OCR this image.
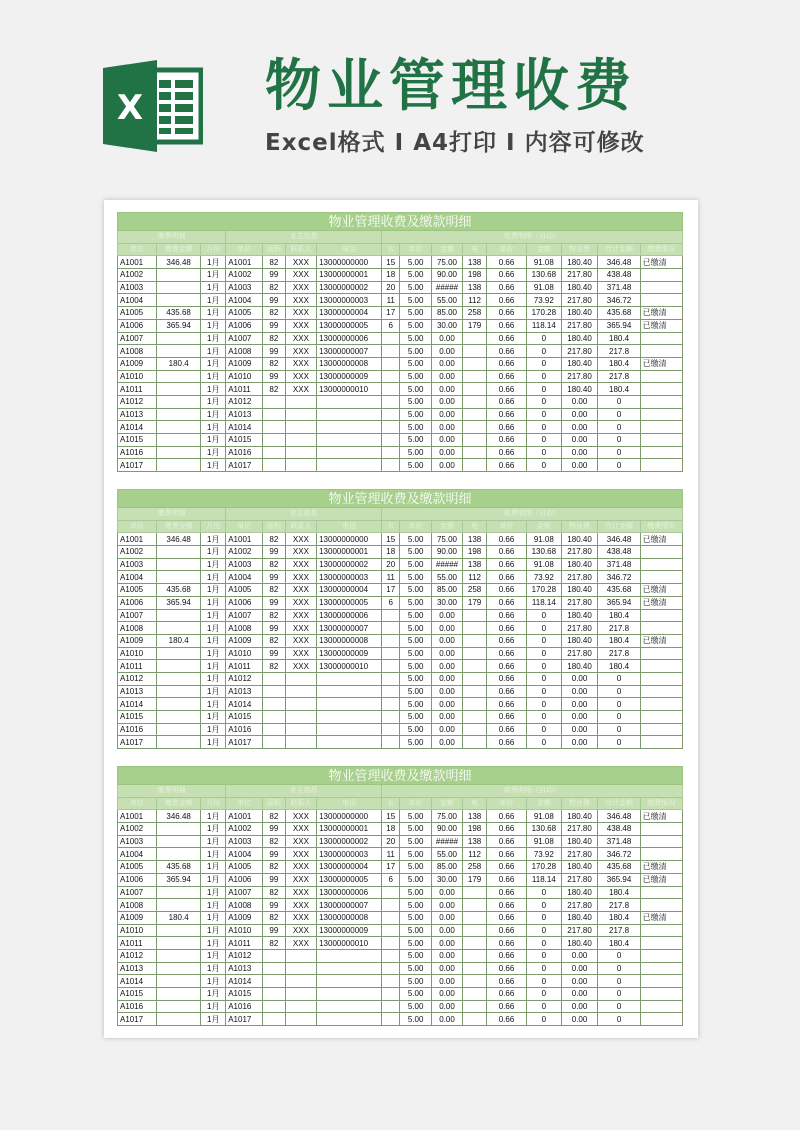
X 物业管理收费

Excel格式 I A4打印 I 内容可修改

物业管理收费及缴款明细															
缴费明细			业主信息				收费明细（自动）								
单位	缴费金额	月份	单位	面积	联系人	电话	水	单价	金额	电	单价	金额	物业费	合计金额	缴费情况
A1001	346.48	1月	A1001	82	XXX	13000000000	15	5.00	75.00	138	0.66	91.08	180.40	346.48	已缴清
A1002		1月	A1002	99	XXX	13000000001	18	5.00	90.00	198	0.66	130.68	217.80	438.48	
A1003		1月	A1003	82	XXX	13000000002	20	5.00	#####	138	0.66	91.08	180.40	371.48	
A1004		1月	A1004	99	XXX	13000000003	11	5.00	55.00	112	0.66	73.92	217.80	346.72	
A1005	435.68	1月	A1005	82	XXX	13000000004	17	5.00	85.00	258	0.66	170.28	180.40	435.68	已缴清
A1006	365.94	1月	A1006	99	XXX	13000000005	6	5.00	30.00	179	0.66	118.14	217.80	365.94	已缴清
A1007		1月	A1007	82	XXX	13000000006		5.00	0.00		0.66	0	180.40	180.4	
A1008		1月	A1008	99	XXX	13000000007		5.00	0.00		0.66	0	217.80	217.8	
A1009	180.4	1月	A1009	82	XXX	13000000008		5.00	0.00		0.66	0	180.40	180.4	已缴清
A1010		1月	A1010	99	XXX	13000000009		5.00	0.00		0.66	0	217.80	217.8	
A1011		1月	A1011	82	XXX	13000000010		5.00	0.00		0.66	0	180.40	180.4	
A1012		1月	A1012					5.00	0.00		0.66	0	0.00	0	
A1013		1月	A1013					5.00	0.00		0.66	0	0.00	0	
A1014		1月	A1014					5.00	0.00		0.66	0	0.00	0	
A1015		1月	A1015					5.00	0.00		0.66	0	0.00	0	
A1016		1月	A1016					5.00	0.00		0.66	0	0.00	0	
A1017		1月	A1017					5.00	0.00		0.66	0	0.00	0	
物业管理收费及缴款明细															
缴费明细			业主信息				收费明细（自动）								
单位	缴费金额	月份	单位	面积	联系人	电话	水	单价	金额	电	单价	金额	物业费	合计金额	缴费情况
A1001	346.48	1月	A1001	82	XXX	13000000000	15	5.00	75.00	138	0.66	91.08	180.40	346.48	已缴清
A1002		1月	A1002	99	XXX	13000000001	18	5.00	90.00	198	0.66	130.68	217.80	438.48	
A1003		1月	A1003	82	XXX	13000000002	20	5.00	#####	138	0.66	91.08	180.40	371.48	
A1004		1月	A1004	99	XXX	13000000003	11	5.00	55.00	112	0.66	73.92	217.80	346.72	
A1005	435.68	1月	A1005	82	XXX	13000000004	17	5.00	85.00	258	0.66	170.28	180.40	435.68	已缴清
A1006	365.94	1月	A1006	99	XXX	13000000005	6	5.00	30.00	179	0.66	118.14	217.80	365.94	已缴清
A1007		1月	A1007	82	XXX	13000000006		5.00	0.00		0.66	0	180.40	180.4	
A1008		1月	A1008	99	XXX	13000000007		5.00	0.00		0.66	0	217.80	217.8	
A1009	180.4	1月	A1009	82	XXX	13000000008		5.00	0.00		0.66	0	180.40	180.4	已缴清
A1010		1月	A1010	99	XXX	13000000009		5.00	0.00		0.66	0	217.80	217.8	
A1011		1月	A1011	82	XXX	13000000010		5.00	0.00		0.66	0	180.40	180.4	
A1012		1月	A1012					5.00	0.00		0.66	0	0.00	0	
A1013		1月	A1013					5.00	0.00		0.66	0	0.00	0	
A1014		1月	A1014					5.00	0.00		0.66	0	0.00	0	
A1015		1月	A1015					5.00	0.00		0.66	0	0.00	0	
A1016		1月	A1016					5.00	0.00		0.66	0	0.00	0	
A1017		1月	A1017					5.00	0.00		0.66	0	0.00	0	
物业管理收费及缴款明细															
缴费明细			业主信息				收费明细（自动）								
单位	缴费金额	月份	单位	面积	联系人	电话	水	单价	金额	电	单价	金额	物业费	合计金额	缴费情况
A1001	346.48	1月	A1001	82	XXX	13000000000	15	5.00	75.00	138	0.66	91.08	180.40	346.48	已缴清
A1002		1月	A1002	99	XXX	13000000001	18	5.00	90.00	198	0.66	130.68	217.80	438.48	
A1003		1月	A1003	82	XXX	13000000002	20	5.00	#####	138	0.66	91.08	180.40	371.48	
A1004		1月	A1004	99	XXX	13000000003	11	5.00	55.00	112	0.66	73.92	217.80	346.72	
A1005	435.68	1月	A1005	82	XXX	13000000004	17	5.00	85.00	258	0.66	170.28	180.40	435.68	已缴清
A1006	365.94	1月	A1006	99	XXX	13000000005	6	5.00	30.00	179	0.66	118.14	217.80	365.94	已缴清
A1007		1月	A1007	82	XXX	13000000006		5.00	0.00		0.66	0	180.40	180.4	
A1008		1月	A1008	99	XXX	13000000007		5.00	0.00		0.66	0	217.80	217.8	
A1009	180.4	1月	A1009	82	XXX	13000000008		5.00	0.00		0.66	0	180.40	180.4	已缴清
A1010		1月	A1010	99	XXX	13000000009		5.00	0.00		0.66	0	217.80	217.8	
A1011		1月	A1011	82	XXX	13000000010		5.00	0.00		0.66	0	180.40	180.4	
A1012		1月	A1012					5.00	0.00		0.66	0	0.00	0	
A1013		1月	A1013					5.00	0.00		0.66	0	0.00	0	
A1014		1月	A1014					5.00	0.00		0.66	0	0.00	0	
A1015		1月	A1015					5.00	0.00		0.66	0	0.00	0	
A1016		1月	A1016					5.00	0.00		0.66	0	0.00	0	
A1017		1月	A1017					5.00	0.00		0.66	0	0.00	0	
